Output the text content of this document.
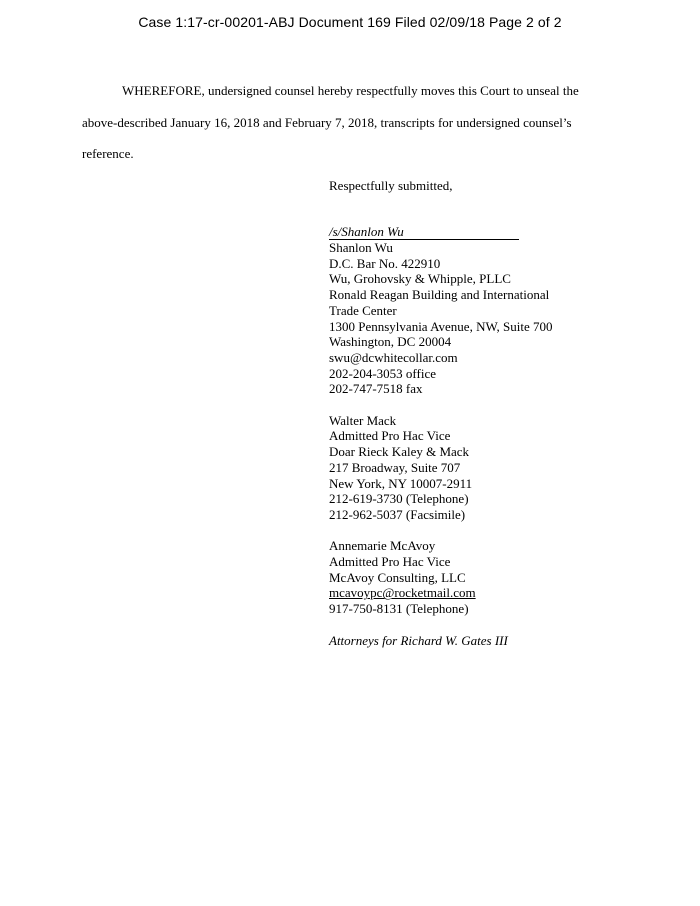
Case 1:17-cr-00201-ABJ Document 169 Filed 02/09/18 Page 2 of 2
WHEREFORE, undersigned counsel hereby respectfully moves this Court to unseal the
above-described January 16, 2018 and February 7, 2018, transcripts for undersigned counsel’s
reference.
Respectfully submitted,
/s/Shanlon Wu
Shanlon Wu
D.C. Bar No. 422910
Wu, Grohovsky & Whipple, PLLC
Ronald Reagan Building and International
Trade Center
1300 Pennsylvania Avenue, NW, Suite 700
Washington, DC 20004
swu@dcwhitecollar.com
202-204-3053 office
202-747-7518 fax

Walter Mack
Admitted Pro Hac Vice
Doar Rieck Kaley & Mack
217 Broadway, Suite 707
New York, NY 10007-2911
212-619-3730 (Telephone)
212-962-5037 (Facsimile)

Annemarie McAvoy
Admitted Pro Hac Vice
McAvoy Consulting, LLC
mcavoypc@rocketmail.com
917-750-8131 (Telephone)

Attorneys for Richard W. Gates III
